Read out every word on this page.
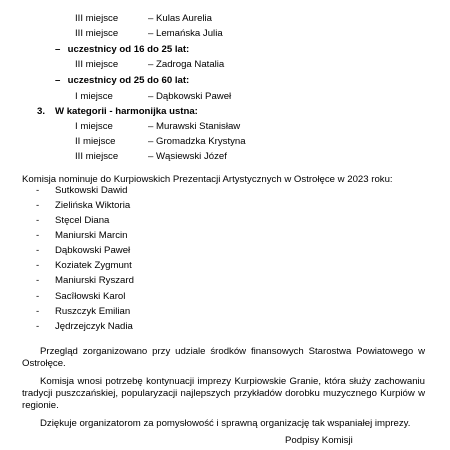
III miejsce	– Kulas Aurelia
III miejsce	– Lemańska Julia
– uczestnicy od 16 do 25 lat:
III miejsce	– Zadroga Natalia
– uczestnicy od 25 do 60 lat:
I miejsce	– Dąbkowski Paweł
3. W kategorii - harmonijka ustna:
I miejsce	– Murawski Stanisław
II miejsce	– Gromadzka Krystyna
III miejsce	– Wąsiewski Józef
Komisja nominuje do Kurpiowskich Prezentacji Artystycznych w Ostrołęce w 2023 roku:
- Sutkowski Dawid
- Zielińska Wiktoria
- Stęcel Diana
- Maniurski Marcin
- Dąbkowski Paweł
- Koziatek Zygmunt
- Maniurski Ryszard
- Sacîłowski Karol
- Ruszczyk Emilian
- Jędrzejczyk Nadia
Przegląd zorganizowano przy udziale środków finansowych Starostwa Powiatowego w Ostrołęce.
Komisja wnosi potrzebę kontynuacji imprezy Kurpiowskie Granie, która służy zachowaniu tradycji puszczańskiej, popularyzacji najlepszych przykładów dorobku muzycznego Kurpiów w regionie.
Dziękuje organizatorom za pomysłowość i sprawną organizację tak wspaniałej imprezy.
Podpisy Komisji
